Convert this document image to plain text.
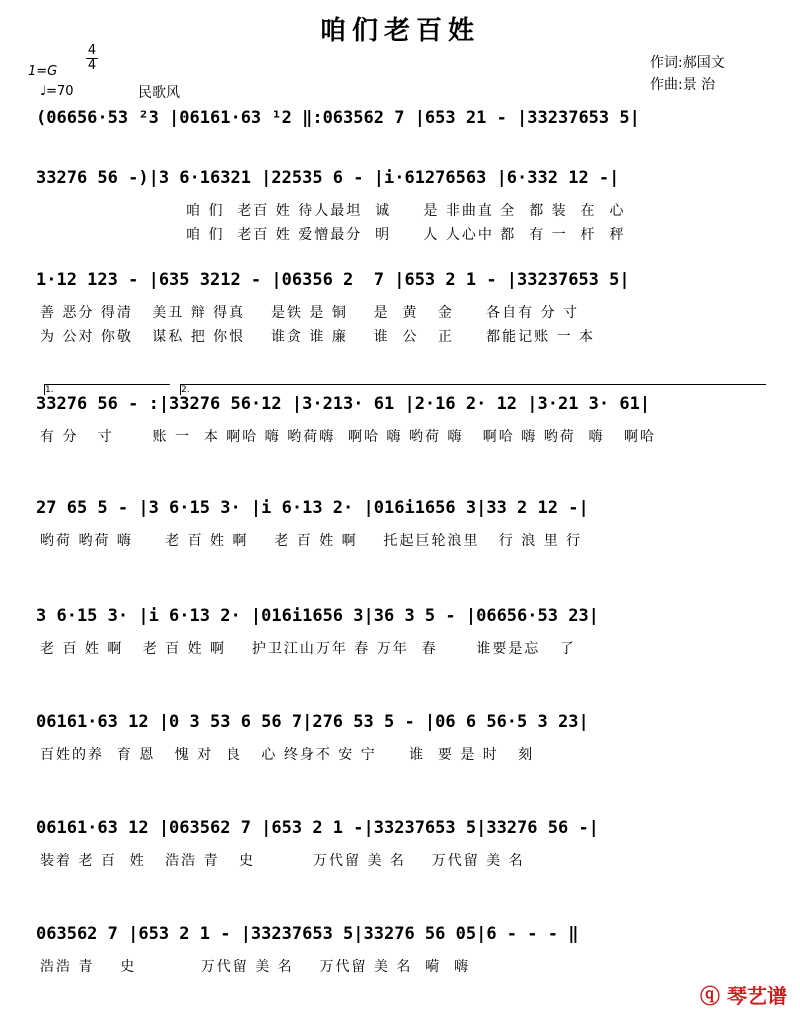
咱们老百姓
作词:郝国文
作曲:景 治
4
4
1=G
♩=70	民歌风
(06656·53 ²3 |06161·63 ¹2 ‖:063562 7 |653 21 - |33237653 5|
33276 56 -)|3 6·16321 |22535 6 - |i·61276563 |6·332 12 -|
咱 们  老百 姓 待人最坦  诚     是 非曲直 全  都 装  在  心
咱 们  老百 姓 爱憎最分  明     人 人心中 都  有 一  杆  秤
1·12 123 - |635 3212 - |06356 2  7 |653 2 1 - |33237653 5|
善 恶分 得清   美丑 辩 得真    是铁 是 铜    是  黄   金     各自有 分 寸
为 公对 你敬   谋私 把 你恨    谁贪 谁 廉    谁  公   正     都能记账 一 本
33276 56 - :|33276 56·12 |3·213· 61 |2·16 2· 12 |3·21 3· 61|
有 分   寸      账 一  本 啊哈 嗨 哟荷嗨  啊哈 嗨 哟荷 嗨   啊哈 嗨 哟荷  嗨   啊哈
27 65 5 - |3 6·15 3· |i 6·13 2· |016i1656 3|33 2 12 -|
哟荷 哟荷 嗨     老 百 姓 啊    老 百 姓 啊    托起巨轮浪里   行 浪 里 行
3 6·15 3· |i 6·13 2· |016i1656 3|36 3 5 - |06656·53 23|
老 百 姓 啊   老 百 姓 啊    护卫江山万年 春 万年  春      谁要是忘   了
06161·63 12 |0 3 53 6 56 7|276 53 5 - |06 6 56·5 3 23|
百姓的养  育 恩   愧 对  良   心 终身不 安 宁     谁  要 是 时   刻
06161·63 12 |063562 7 |653 2 1 -|33237653 5|33276 56 -|
装着 老 百  姓   浩浩 青   史         万代留 美 名    万代留 美 名
063562 7 |653 2 1 - |33237653 5|33276 56 05|6 - - - ‖
浩浩 青    史          万代留 美 名    万代留 美 名  嗬  嗨
ⓠ 琴艺谱
1.	2.
